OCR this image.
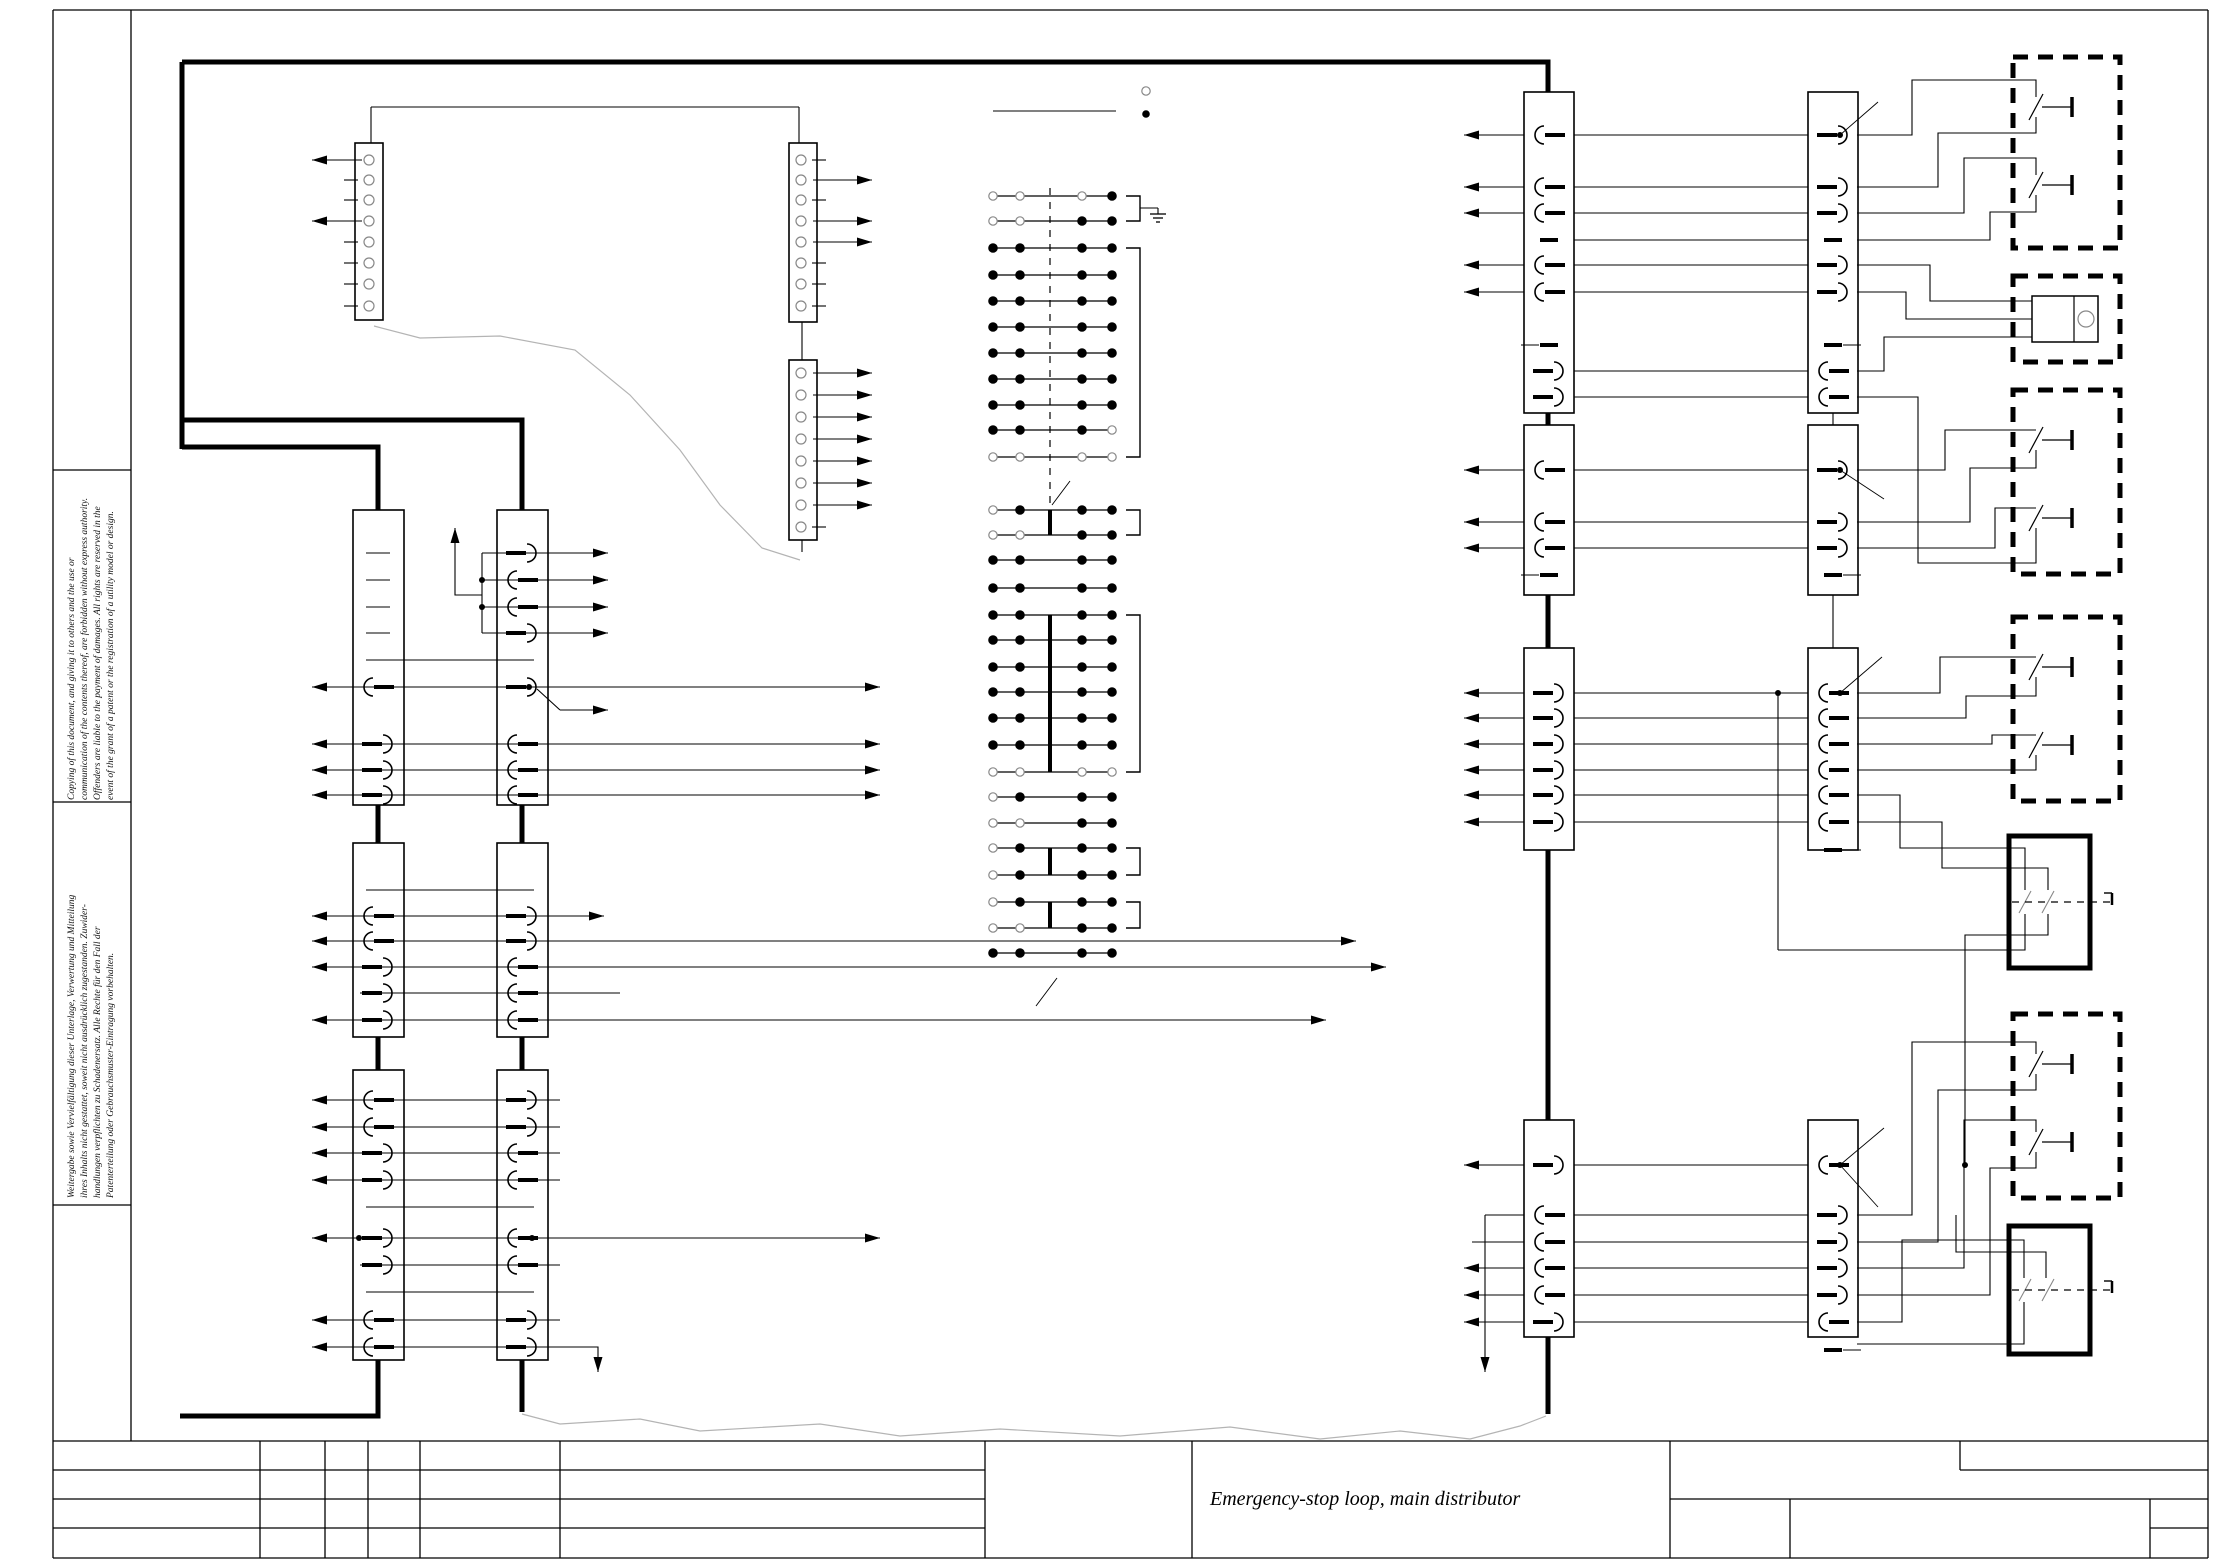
Copying of this document, and giving it to others and the use or communication of the contents thereof, are forbidden without express authority. Offenders are liable to the payment of damages. All rights are reserved in the event of the grant of a patent or the registration of a utility model or design.
Weitergabe sowie Vervielfältigung dieser Unterlage, Verwertung und Mitteilung ihres Inhalts nicht gestattet, soweit nicht ausdrücklich zugestanden. Zuwider- handlungen verpflichten zu Schadenersatz. Alle Rechte für den Fall der Patenterteilung oder Gebrauchsmuster-Eintragung vorbehalten.
Emergency-stop loop, main distributor
